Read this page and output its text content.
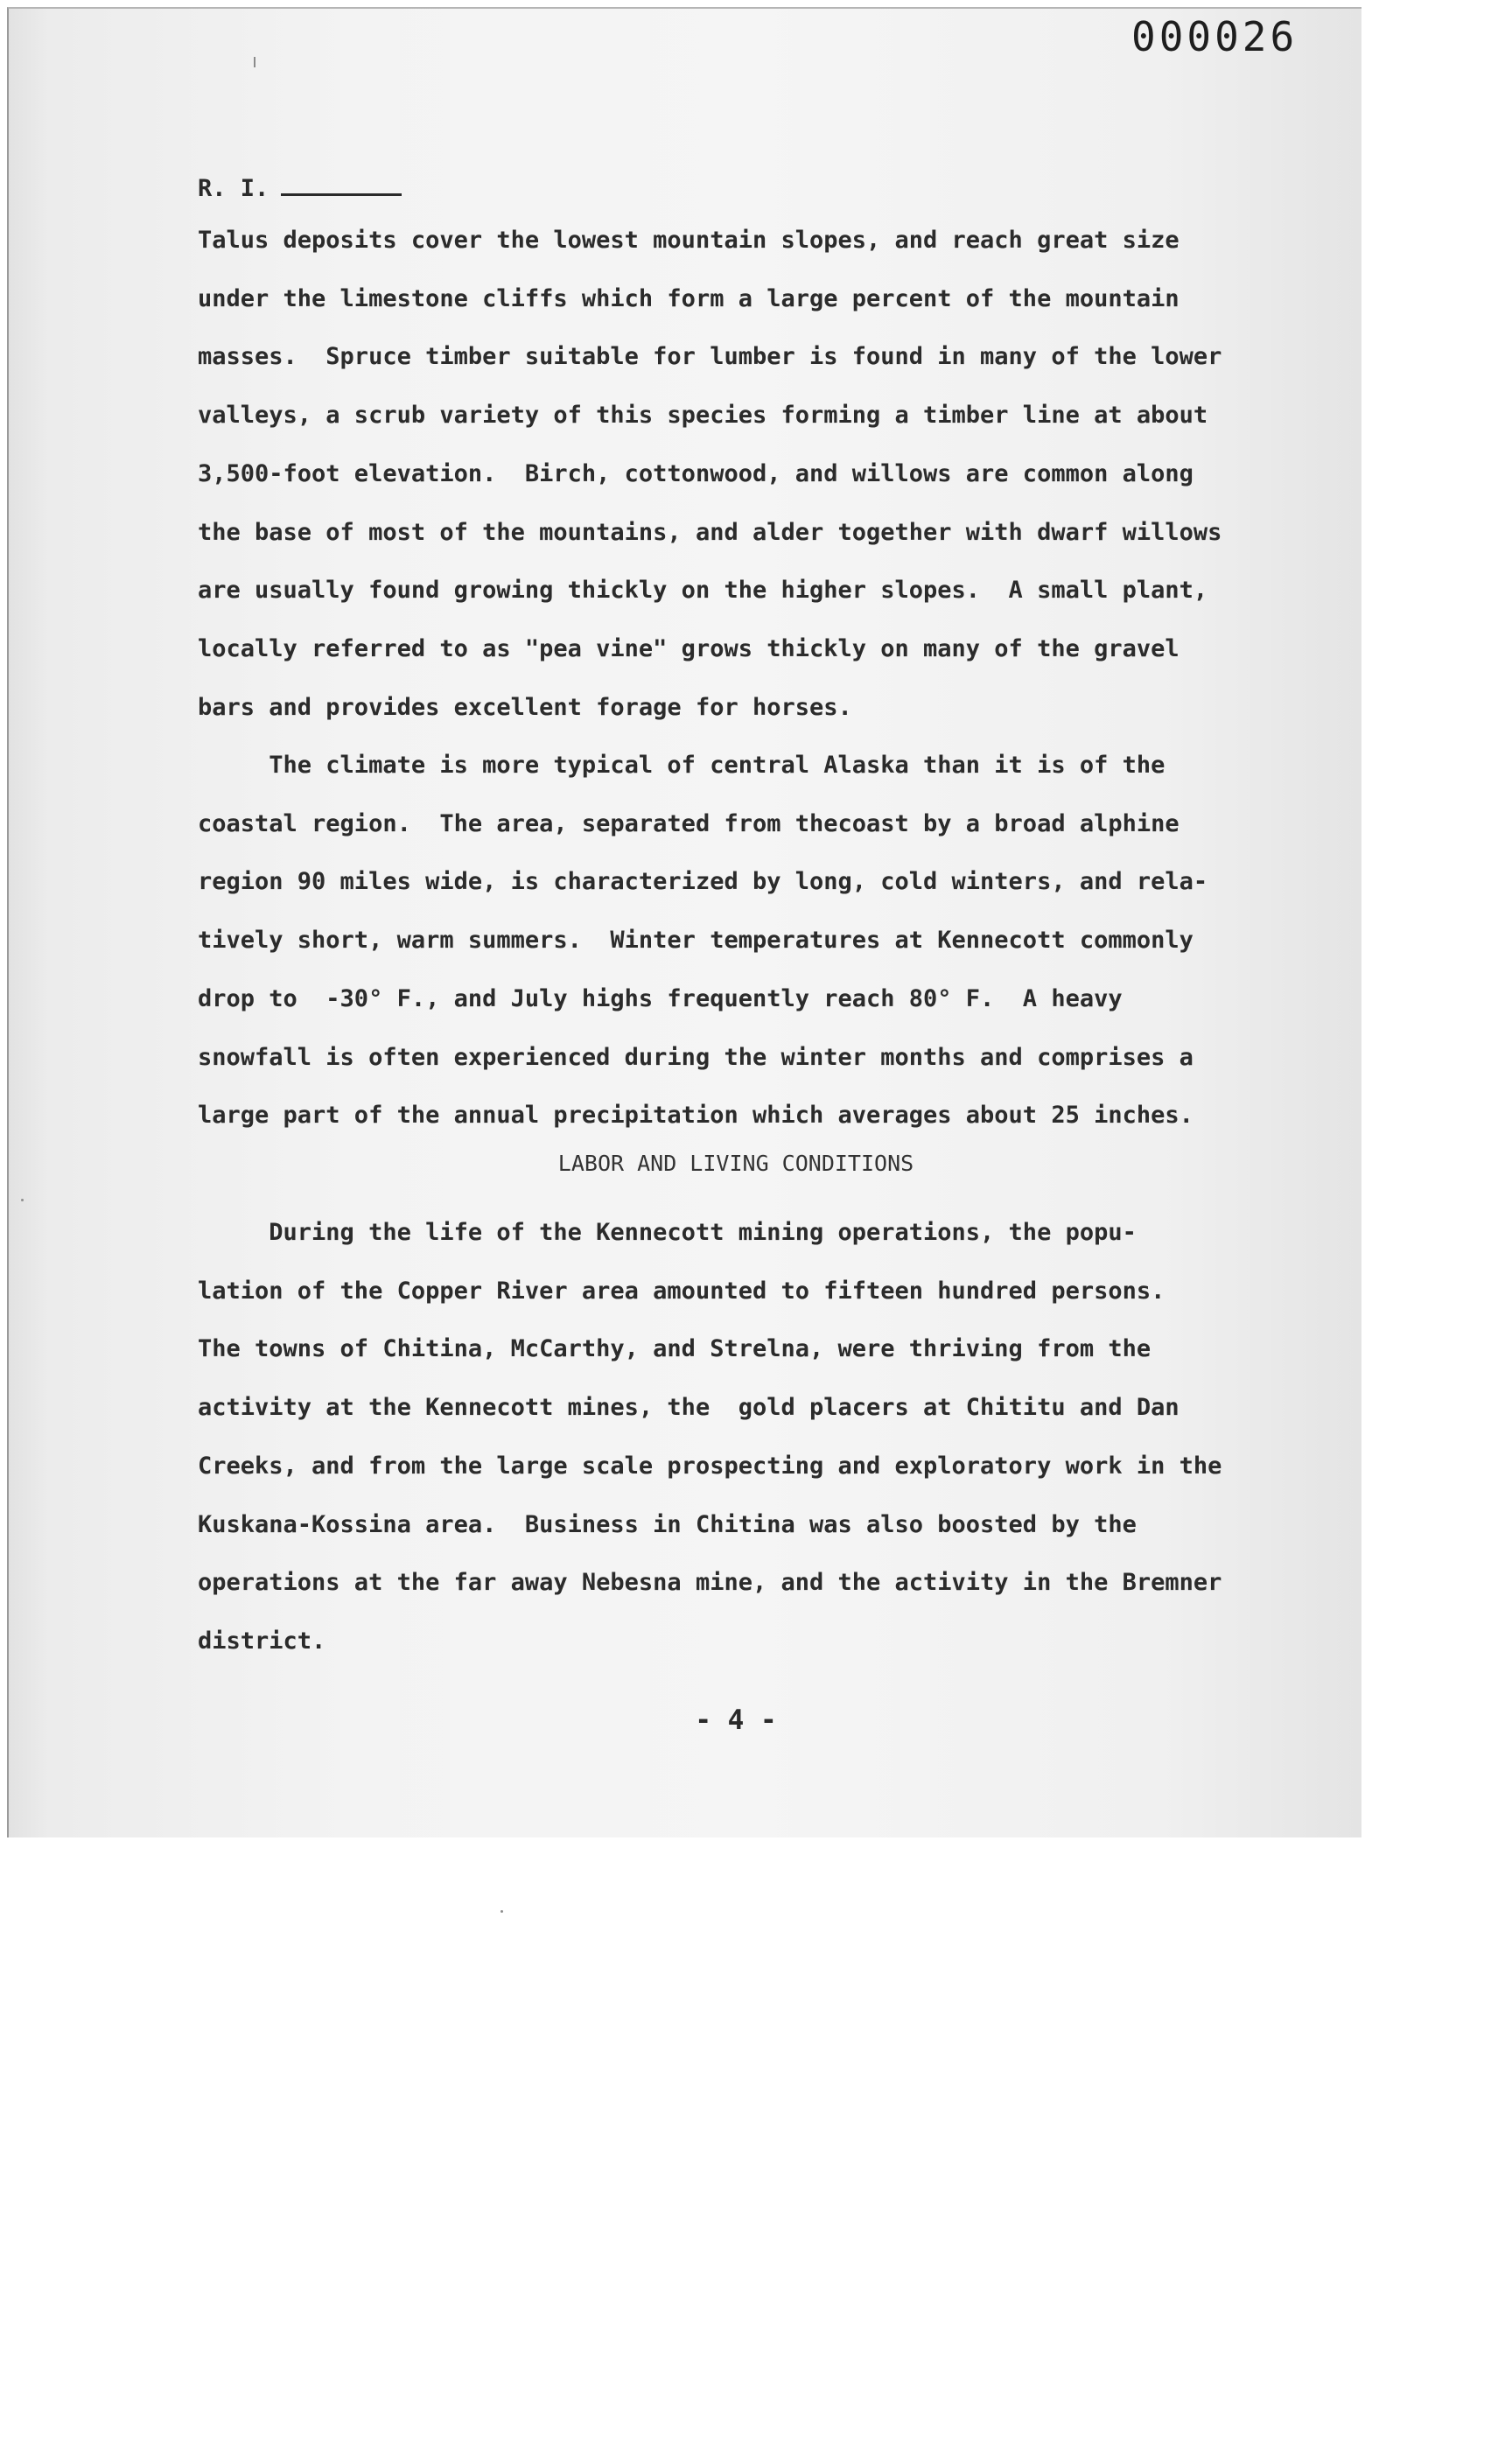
000026
R. I.
Talus deposits cover the lowest mountain slopes, and reach great size
under the limestone cliffs which form a large percent of the mountain
masses.  Spruce timber suitable for lumber is found in many of the lower
valleys, a scrub variety of this species forming a timber line at about
3,500-foot elevation.  Birch, cottonwood, and willows are common along
the base of most of the mountains, and alder together with dwarf willows
are usually found growing thickly on the higher slopes.  A small plant,
locally referred to as "pea vine" grows thickly on many of the gravel
bars and provides excellent forage for horses.
The climate is more typical of central Alaska than it is of the
coastal region.  The area, separated from thecoast by a broad alphine
region 90 miles wide, is characterized by long, cold winters, and rela-
tively short, warm summers.  Winter temperatures at Kennecott commonly
drop to  -30° F., and July highs frequently reach 80° F.  A heavy
snowfall is often experienced during the winter months and comprises a
large part of the annual precipitation which averages about 25 inches.
LABOR AND LIVING CONDITIONS
During the life of the Kennecott mining operations, the popu-
lation of the Copper River area amounted to fifteen hundred persons.
The towns of Chitina, McCarthy, and Strelna, were thriving from the
activity at the Kennecott mines, the  gold placers at Chititu and Dan
Creeks, and from the large scale prospecting and exploratory work in the
Kuskana-Kossina area.  Business in Chitina was also boosted by the
operations at the far away Nebesna mine, and the activity in the Bremner
district.
- 4 -
